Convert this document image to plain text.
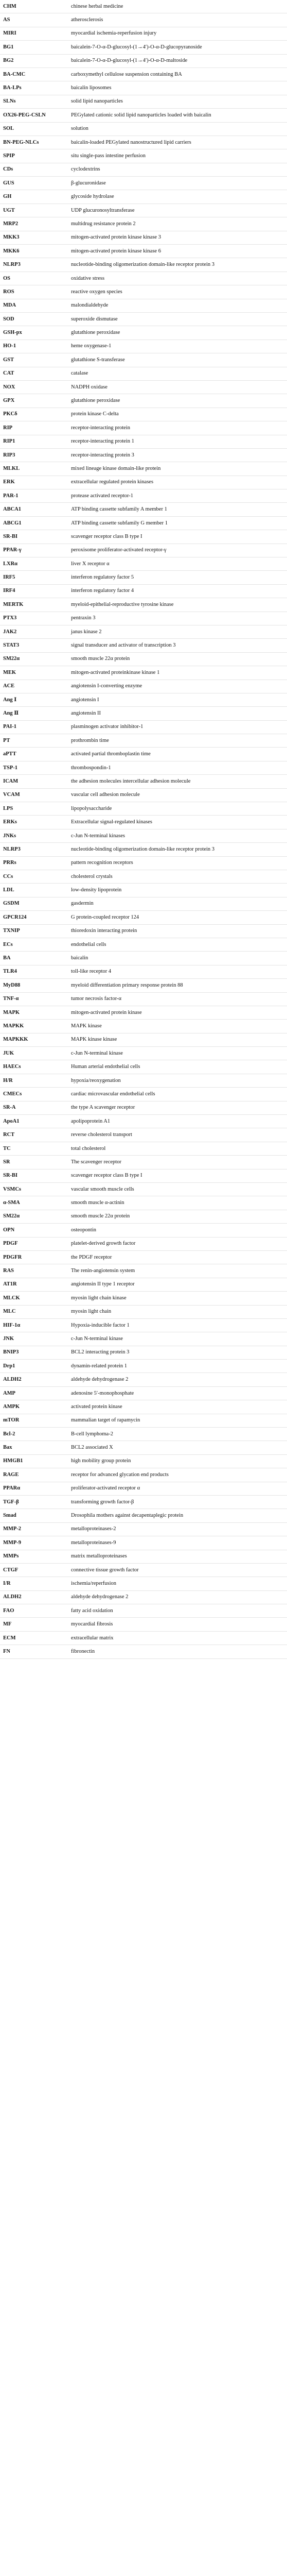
CHM	chinese herbal medicine
AS	atherosclerosis
MIRI	myocardial ischemia-reperfusion injury
BG1	baicalein-7-O-α-D-glucosyl-(1→4′)-O-α-D-glucopyranoside
BG2	baicalein-7-O-α-D-glucosyl-(1→4′)-O-α-D-maltoside
BA-CMC	carboxymethyl cellulose suspension containing BA
BA-LPs	baicalin liposomes
SLNs	solid lipid nanoparticles
OX26-PEG-CSLN	PEGylated cationic solid lipid nanoparticles loaded with baicalin
SOL	solution
BN-PEG-NLCs	baicalin-loaded PEGylated nanostructured lipid carriers
SPIP	situ single-pass intestine perfusion
CDs	cyclodextrins
GUS	β-glucuronidase
GH	glycoside hydrolase
UGT	UDP glucuronosyltransferase
MRP2	multidrug resistance protein 2
MKK3	mitogen-activated protein kinase kinase 3
MKK6	mitogen-activated protein kinase kinase 6
NLRP3	nucleotide-binding oligomerization domain-like receptor protein 3
OS	oxidative stress
ROS	reactive oxygen species
MDA	malondialdehyde
SOD	superoxide dismutase
GSH-px	glutathione peroxidase
HO-1	heme oxygenase-1
GST	glutathione S-transferase
CAT	catalase
NOX	NADPH oxidase
GPX	glutathione peroxidase
PKCδ	protein kinase C-delta
RIP	receptor-interacting protein
RIP1	receptor-interacting protein 1
RIP3	receptor-interacting protein 3
MLKL	mixed lineage kinase domain-like protein
ERK	extracellular regulated protein kinases
PAR-1	protease activated receptor-1
ABCA1	ATP binding cassette subfamily A member 1
ABCG1	ATP binding cassette subfamily G member 1
SR-BI	scavenger receptor class B type I
PPAR-γ	peroxisome proliferator-activated receptor-γ
LXRα	liver X receptor α
IRF5	interferon regulatory factor 5
IRF4	interferon regulatory factor 4
MERTK	myeloid-epithelial-reproductive tyrosine kinase
PTX3	pentraxin 3
JAK2	janus kinase 2
STAT3	signal transducer and activator of transcription 3
SM22α	smooth muscle 22α protein
MEK	mitogen-activated proteinkinase kinase 1
ACE	angiotensin I-converting enzyme
Ang Ⅰ	angiotensin I
Ang Ⅱ	angiotensin II
PAI-1	plasminogen activator inhibitor-1
PT	prothrombin time
aPTT	activated partial thromboplastin time
TSP-1	thrombospondin-1
ICAM	the adhesion molecules intercellular adhesion molecule
VCAM	vascular cell adhesion molecule
LPS	lipopolysaccharide
ERKs	Extracellular signal-regulated kinases
JNKs	c-Jun N-terminal kinases
NLRP3	nucleotide-binding oligomerization domain-like receptor protein 3
PRRs	pattern recognition receptors
CCs	cholesterol crystals
LDL	low-density lipoprotein
GSDM	gasdermin
GPCR124	G protein-coupled receptor 124
TXNIP	thioredoxin interacting protein
ECs	endothelial cells
BA	baicalin
TLR4	toll-like receptor 4
MyD88	myeloid differentiation primary response protein 88
TNF-α	tumor necrosis factor-α
MAPK	mitogen-activated protein kinase
MAPKK	MAPK kinase
MAPKKK	MAPK kinase kinase
JUK	c-Jun N-terminal kinase
HAECs	Human arterial endothelial cells
H/R	hypoxia/reoxygenation
CMECs	cardiac microvascular endothelial cells
SR-A	the type A scavenger receptor
ApoA1	apolipoprotein A1
RCT	reverse cholesterol transport
TC	total cholesterol
SR	The scavenger receptor
SR-BI	scavenger receptor class B type I
VSMCs	vascular smooth muscle cells
α-SMA	smooth muscle α-actinin
SM22α	smooth muscle 22α protein
OPN	osteopontin
PDGF	platelet-derived growth factor
PDGFR	the PDGF receptor
RAS	The renin-angiotensin system
AT1R	angiotensin II type 1 receptor
MLCK	myosin light chain kinase
MLC	myosin light chain
HIF-1α	Hypoxia-inducible factor 1
JNK	c-Jun N-terminal kinase
BNIP3	BCL2 interacting protein 3
Drp1	dynamin-related protein 1
ALDH2	aldehyde dehydrogenase 2
AMP	adenosine 5′-monophosphate
AMPK	activated protein kinase
mTOR	mammalian target of rapamycin
Bcl-2	B-cell lymphoma-2
Bax	BCL2 associated X
HMGB1	high mobility group protein
RAGE	receptor for advanced glycation end products
PPARα	proliferator-activated receptor α
TGF-β	transforming growth factor-β
Smad	Drosophila mothers against decapentaplegic protein
MMP-2	metalloproteinases-2
MMP-9	metalloproteinases-9
MMPs	matrix metalloproteinases
CTGF	connective tissue growth factor
I/R	ischemia/reperfusion
ALDH2	aldehyde dehydrogenase 2
FAO	fatty acid oxidation
MF	myocardial fibrosis
ECM	extracellular matrix
FN	fibronectin
